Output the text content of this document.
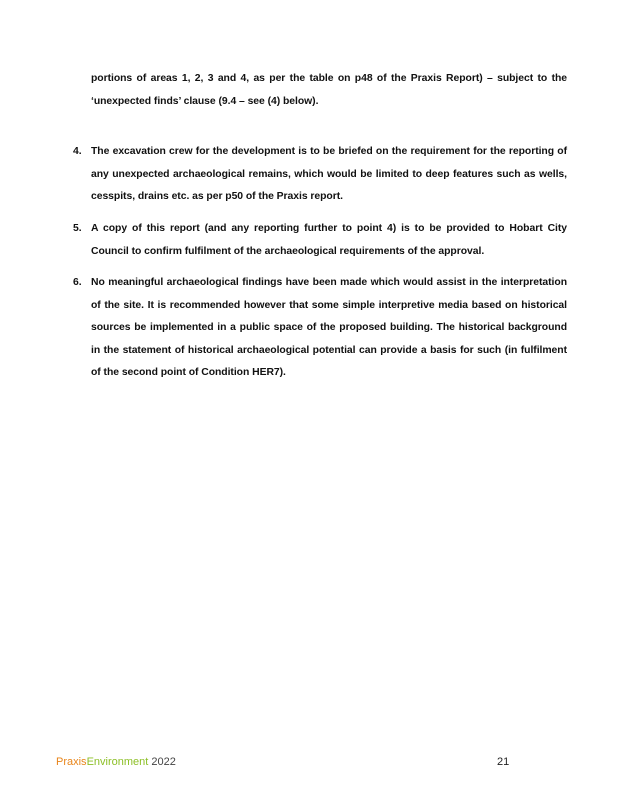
portions of areas 1, 2, 3 and 4, as per the table on p48 of the Praxis Report) – subject to the ‘unexpected finds’ clause (9.4 – see (4) below).
4. The excavation crew for the development is to be briefed on the requirement for the reporting of any unexpected archaeological remains, which would be limited to deep features such as wells, cesspits, drains etc. as per p50 of the Praxis report.
5. A copy of this report (and any reporting further to point 4) is to be provided to Hobart City Council to confirm fulfilment of the archaeological requirements of the approval.
6. No meaningful archaeological findings have been made which would assist in the interpretation of the site. It is recommended however that some simple interpretive media based on historical sources be implemented in a public space of the proposed building. The historical background in the statement of historical archaeological potential can provide a basis for such (in fulfilment of the second point of Condition HER7).
PraxisEnvironment 2022	21
